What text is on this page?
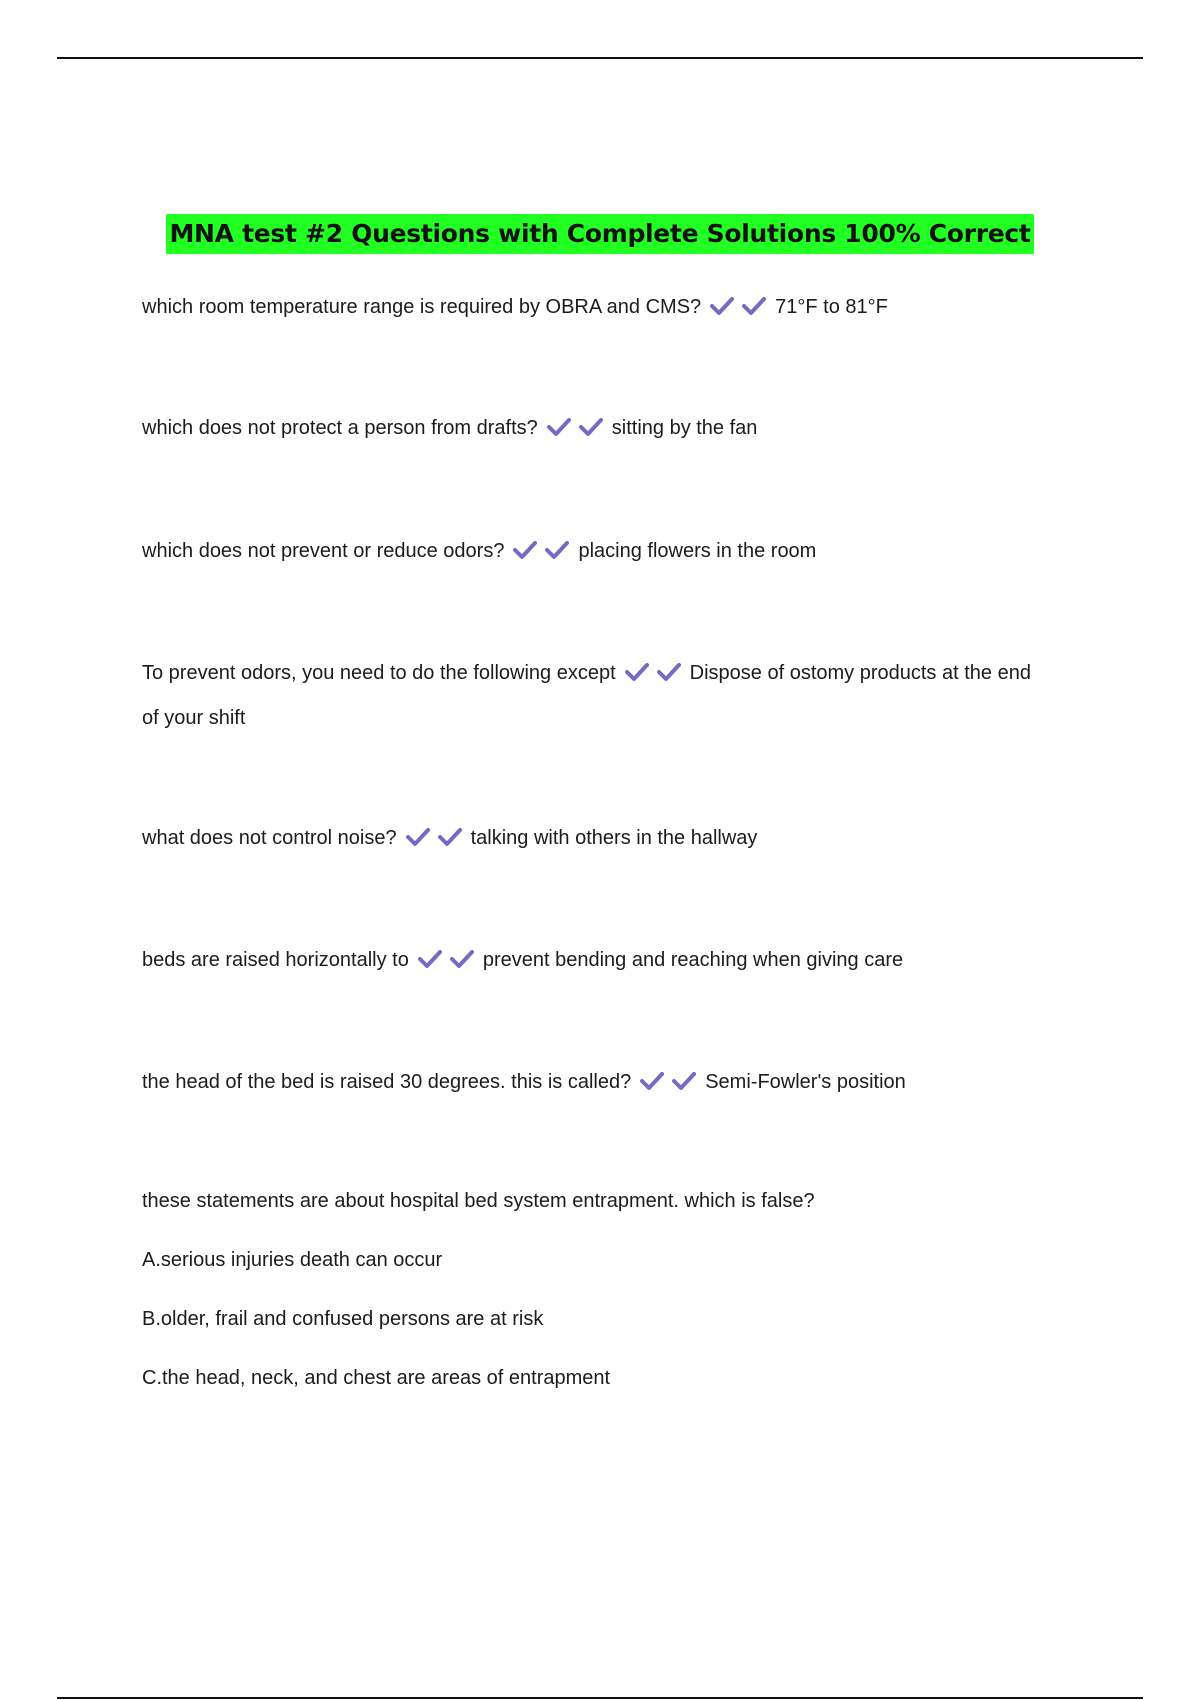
MNA test #2 Questions with Complete Solutions 100% Correct

which room temperature range is required by OBRA and CMS?	71°F to 81°F

which does not protect a person from drafts?	sitting by the fan

which does not prevent or reduce odors?	placing flowers in the room

To prevent odors, you need to do the following except	Dispose of ostomy products at the end of your shift

what does not control noise?	talking with others in the hallway

beds are raised horizontally to	prevent bending and reaching when giving care

the head of the bed is raised 30 degrees. this is called?	Semi-Fowler's position

these statements are about hospital bed system entrapment. which is false?

A.serious injuries death can occur

B.older, frail and confused persons are at risk

C.the head, neck, and chest are areas of entrapment
